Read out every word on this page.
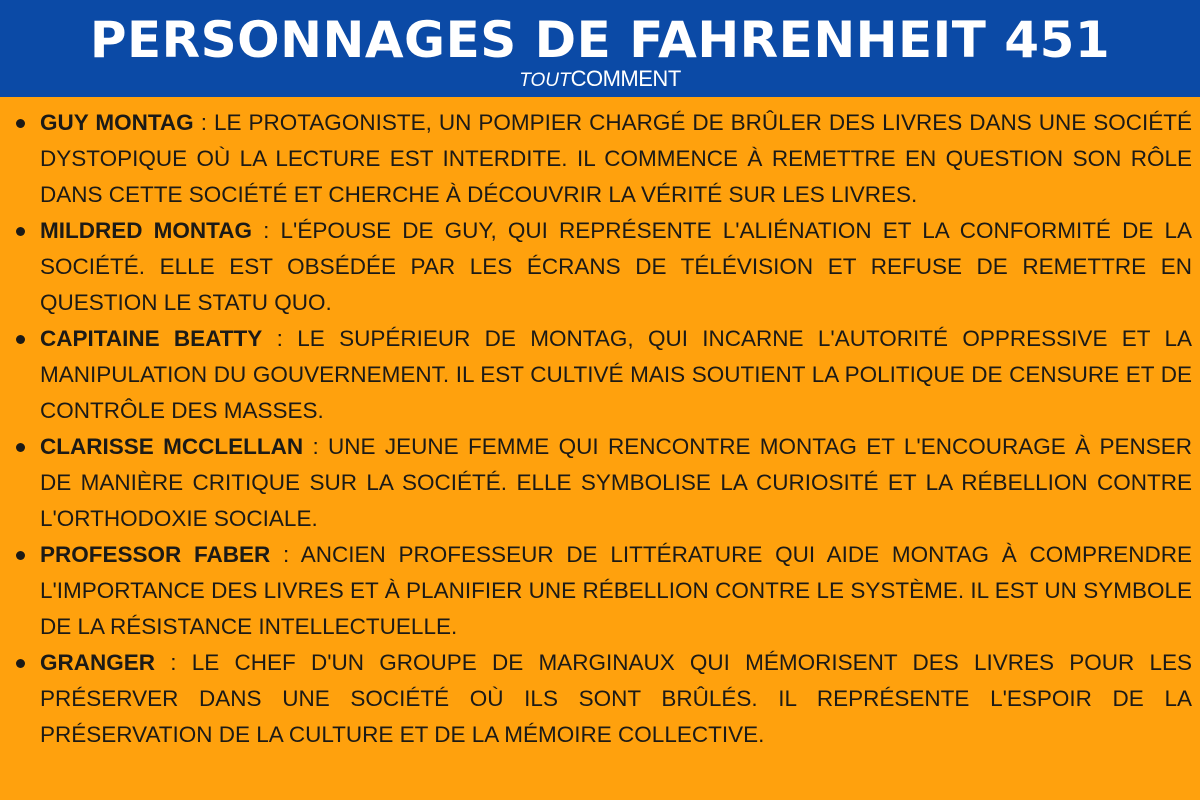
PERSONNAGES DE FAHRENHEIT 451
TOUTCOMMENT
GUY MONTAG : LE PROTAGONISTE, UN POMPIER CHARGÉ DE BRÛLER DES LIVRES DANS UNE SOCIÉTÉ DYSTOPIQUE OÙ LA LECTURE EST INTERDITE. IL COMMENCE À REMETTRE EN QUESTION SON RÔLE DANS CETTE SOCIÉTÉ ET CHERCHE À DÉCOUVRIR LA VÉRITÉ SUR LES LIVRES.
MILDRED MONTAG : L'ÉPOUSE DE GUY, QUI REPRÉSENTE L'ALIÉNATION ET LA CONFORMITÉ DE LA SOCIÉTÉ. ELLE EST OBSÉDÉE PAR LES ÉCRANS DE TÉLÉVISION ET REFUSE DE REMETTRE EN QUESTION LE STATU QUO.
CAPITAINE BEATTY : LE SUPÉRIEUR DE MONTAG, QUI INCARNE L'AUTORITÉ OPPRESSIVE ET LA MANIPULATION DU GOUVERNEMENT. IL EST CULTIVÉ MAIS SOUTIENT LA POLITIQUE DE CENSURE ET DE CONTRÔLE DES MASSES.
CLARISSE MCCLELLAN : UNE JEUNE FEMME QUI RENCONTRE MONTAG ET L'ENCOURAGE À PENSER DE MANIÈRE CRITIQUE SUR LA SOCIÉTÉ. ELLE SYMBOLISE LA CURIOSITÉ ET LA RÉBELLION CONTRE L'ORTHODOXIE SOCIALE.
PROFESSOR FABER : ANCIEN PROFESSEUR DE LITTÉRATURE QUI AIDE MONTAG À COMPRENDRE L'IMPORTANCE DES LIVRES ET À PLANIFIER UNE RÉBELLION CONTRE LE SYSTÈME. IL EST UN SYMBOLE DE LA RÉSISTANCE INTELLECTUELLE.
GRANGER : LE CHEF D'UN GROUPE DE MARGINAUX QUI MÉMORISENT DES LIVRES POUR LES PRÉSERVER DANS UNE SOCIÉTÉ OÙ ILS SONT BRÛLÉS. IL REPRÉSENTE L'ESPOIR DE LA PRÉSERVATION DE LA CULTURE ET DE LA MÉMOIRE COLLECTIVE.
